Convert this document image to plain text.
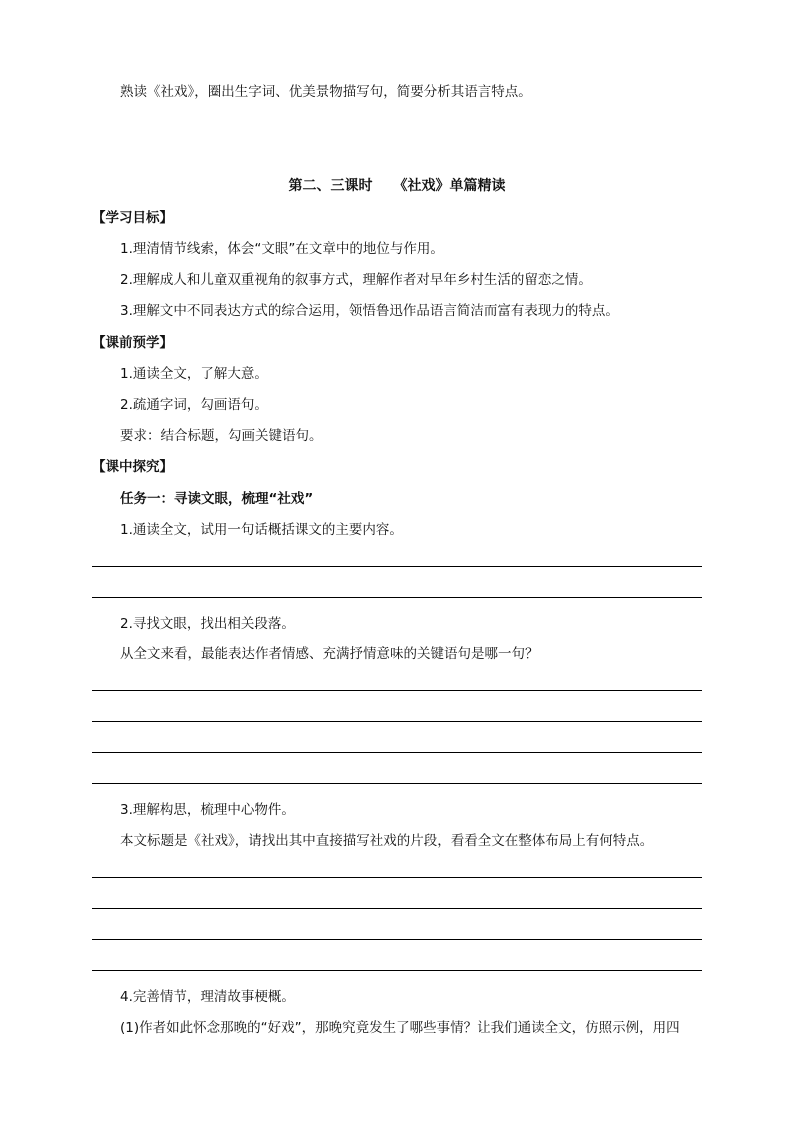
熟读《社戏》，圈出生字词、优美景物描写句，简要分析其语言特点。
第二、三课时　　《社戏》单篇精读
【学习目标】
1.理清情节线索，体会“文眼”在文章中的地位与作用。
2.理解成人和儿童双重视角的叙事方式，理解作者对早年乡村生活的留恋之情。
3.理解文中不同表达方式的综合运用，领悟鲁迅作品语言简洁而富有表现力的特点。
【课前预学】
1.通读全文，了解大意。
2.疏通字词，勾画语句。
要求：结合标题，勾画关键语句。
【课中探究】
任务一：寻读文眼，梳理“社戏”
1.通读全文，试用一句话概括课文的主要内容。
2.寻找文眼，找出相关段落。
从全文来看，最能表达作者情感、充满抒情意味的关键语句是哪一句？
3.理解构思，梳理中心物件。
本文标题是《社戏》，请找出其中直接描写社戏的片段，看看全文在整体布局上有何特点。
4.完善情节，理清故事梗概。
(1)作者如此怀念那晚的“好戏”，那晚究竟发生了哪些事情？让我们通读全文，仿照示例，用四
